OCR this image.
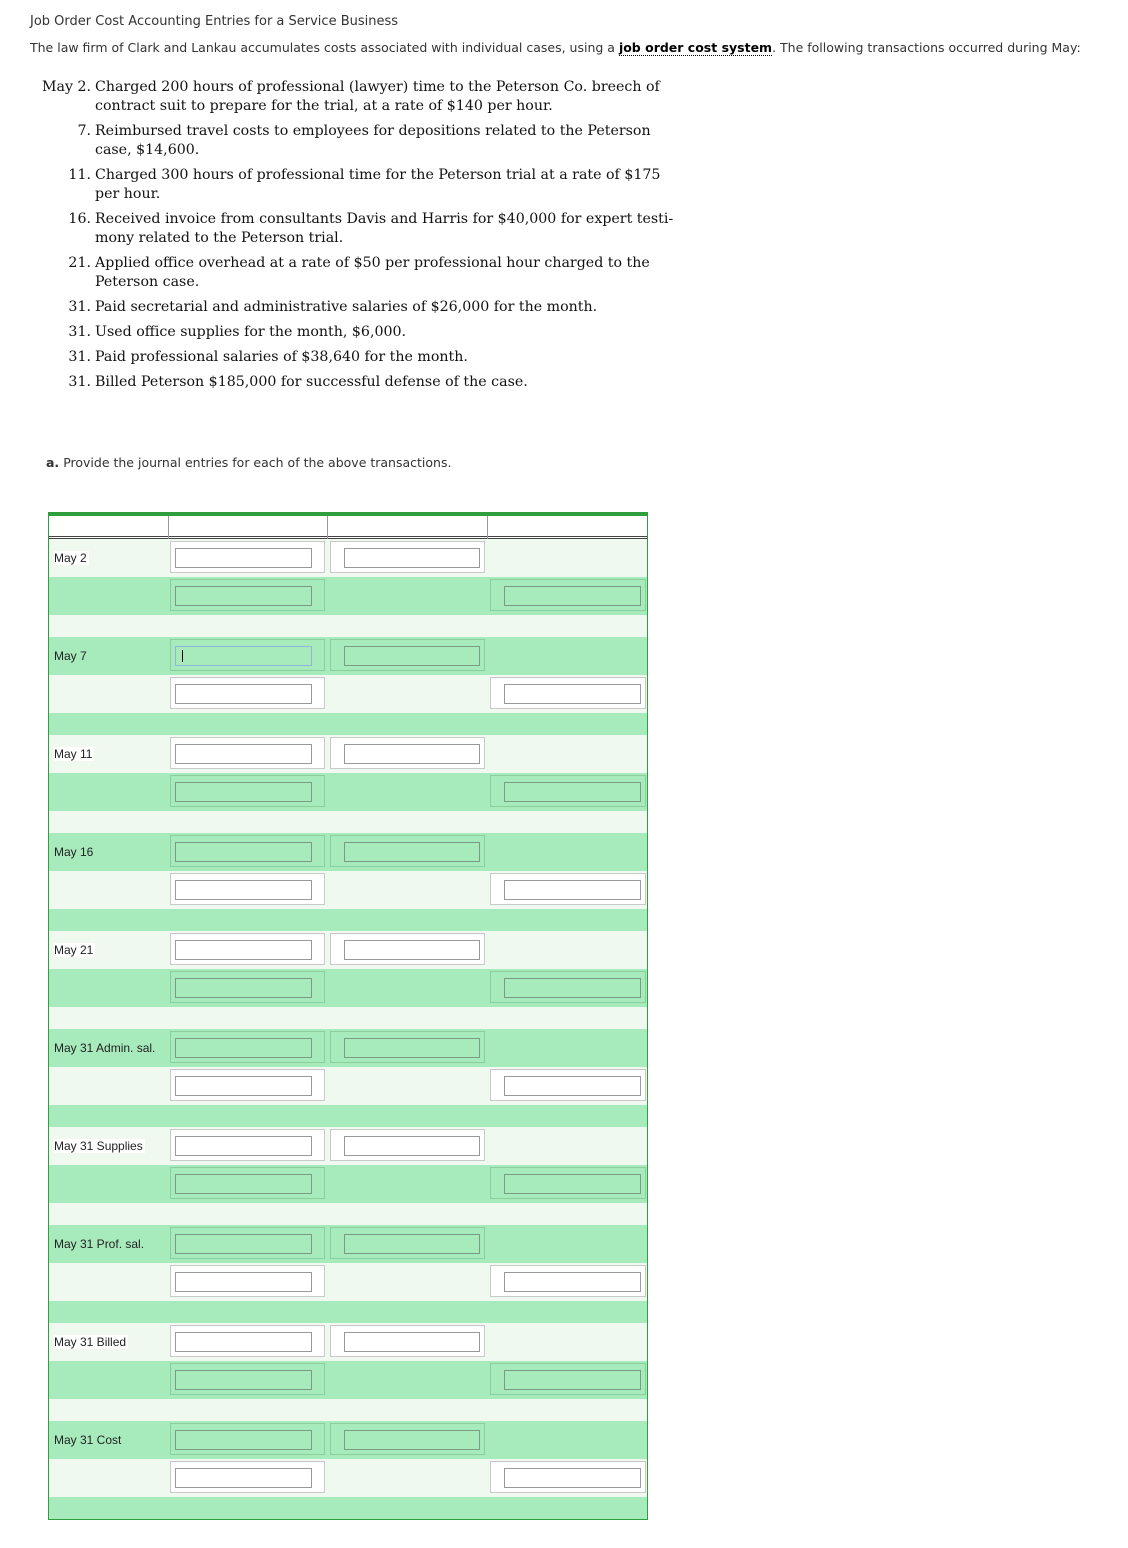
Job Order Cost Accounting Entries for a Service Business
The law firm of Clark and Lankau accumulates costs associated with individual cases, using a job order cost system. The following transactions occurred during May:
May 2. Charged 200 hours of professional (lawyer) time to the Peterson Co. breech of contract suit to prepare for the trial, at a rate of $140 per hour.
7. Reimbursed travel costs to employees for depositions related to the Peterson case, $14,600.
11. Charged 300 hours of professional time for the Peterson trial at a rate of $175 per hour.
16. Received invoice from consultants Davis and Harris for $40,000 for expert testi-mony related to the Peterson trial.
21. Applied office overhead at a rate of $50 per professional hour charged to the Peterson case.
31. Paid secretarial and administrative salaries of $26,000 for the month.
31. Used office supplies for the month, $6,000.
31. Paid professional salaries of $38,640 for the month.
31. Billed Peterson $185,000 for successful defense of the case.
a. Provide the journal entries for each of the above transactions.
May 2
May 7
May 11
May 16
May 21
May 31 Admin. sal.
May 31 Supplies
May 31 Prof. sal.
May 31 Billed
May 31 Cost
